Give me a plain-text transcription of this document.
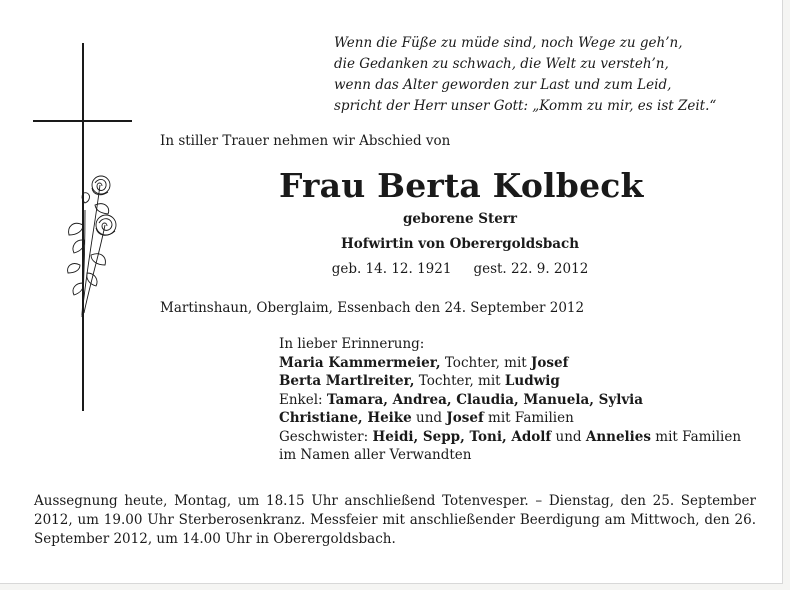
Wenn die Füße zu müde sind, noch Wege zu geh’n,
die Gedanken zu schwach, die Welt zu versteh’n,
wenn das Alter geworden zur Last und zum Leid,
spricht der Herr unser Gott: „Komm zu mir, es ist Zeit.“
In stiller Trauer nehmen wir Abschied von
Frau Berta Kolbeck
geborene Sterr
Hofwirtin von Oberergoldsbach
geb. 14. 12. 1921 gest. 22. 9. 2012
Martinshaun, Oberglaim, Essenbach den 24. September 2012
In lieber Erinnerung:
Maria Kammermeier, Tochter, mit Josef
Berta Martlreiter, Tochter, mit Ludwig
Enkel: Tamara, Andrea, Claudia, Manuela, Sylvia
Christiane, Heike und Josef mit Familien
Geschwister: Heidi, Sepp, Toni, Adolf und Annelies mit Familien
im Namen aller Verwandten
Aussegnung heute, Montag, um 18.15 Uhr anschließend Totenvesper. – Dienstag, den 25. September 2012, um 19.00 Uhr Sterberosenkranz. Messfeier mit anschließender Beerdigung am Mittwoch, den 26. September 2012, um 14.00 Uhr in Oberergoldsbach.
